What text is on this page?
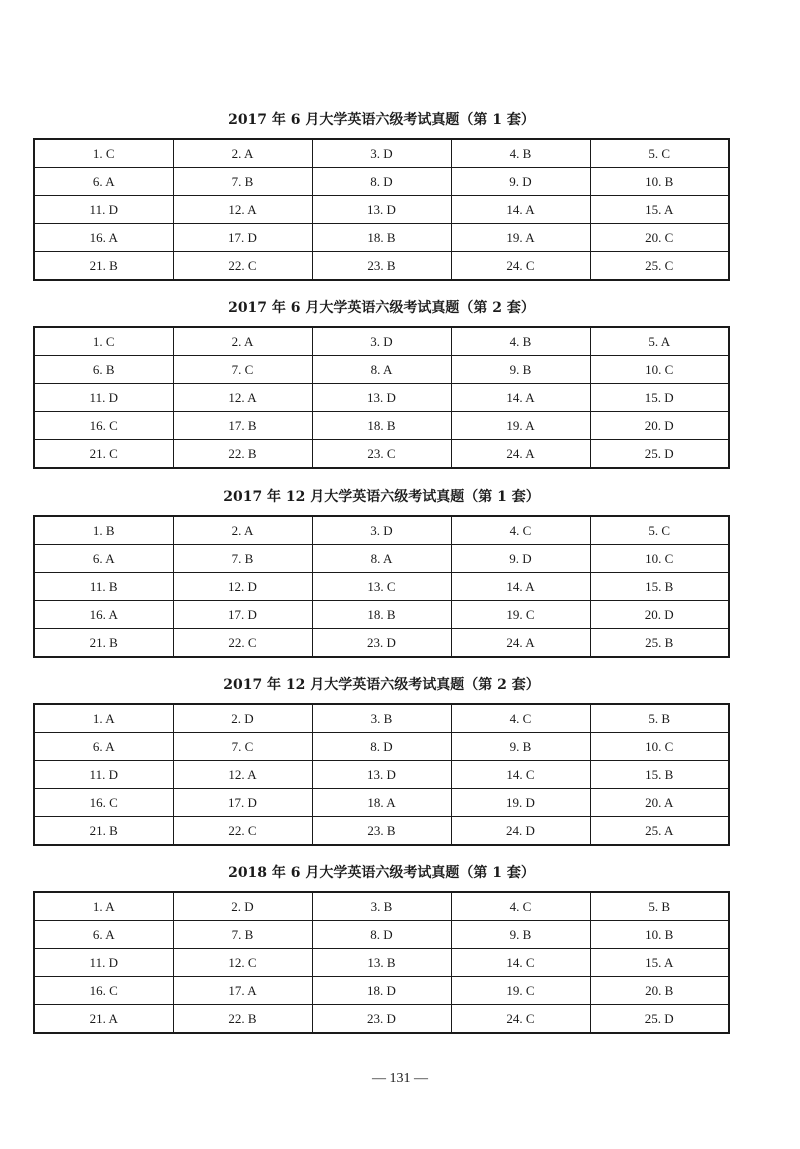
2017 年 6 月大学英语六级考试真题（第 1 套）
1. C	2. A	3. D	4. B	5. C
6. A	7. B	8. D	9. D	10. B
11. D	12. A	13. D	14. A	15. A
16. A	17. D	18. B	19. A	20. C
21. B	22. C	23. B	24. C	25. C
2017 年 6 月大学英语六级考试真题（第 2 套）
1. C	2. A	3. D	4. B	5. A
6. B	7. C	8. A	9. B	10. C
11. D	12. A	13. D	14. A	15. D
16. C	17. B	18. B	19. A	20. D
21. C	22. B	23. C	24. A	25. D
2017 年 12 月大学英语六级考试真题（第 1 套）
1. B	2. A	3. D	4. C	5. C
6. A	7. B	8. A	9. D	10. C
11. B	12. D	13. C	14. A	15. B
16. A	17. D	18. B	19. C	20. D
21. B	22. C	23. D	24. A	25. B
2017 年 12 月大学英语六级考试真题（第 2 套）
1. A	2. D	3. B	4. C	5. B
6. A	7. C	8. D	9. B	10. C
11. D	12. A	13. D	14. C	15. B
16. C	17. D	18. A	19. D	20. A
21. B	22. C	23. B	24. D	25. A
2018 年 6 月大学英语六级考试真题（第 1 套）
1. A	2. D	3. B	4. C	5. B
6. A	7. B	8. D	9. B	10. B
11. D	12. C	13. B	14. C	15. A
16. C	17. A	18. D	19. C	20. B
21. A	22. B	23. D	24. C	25. D
— 131 —
